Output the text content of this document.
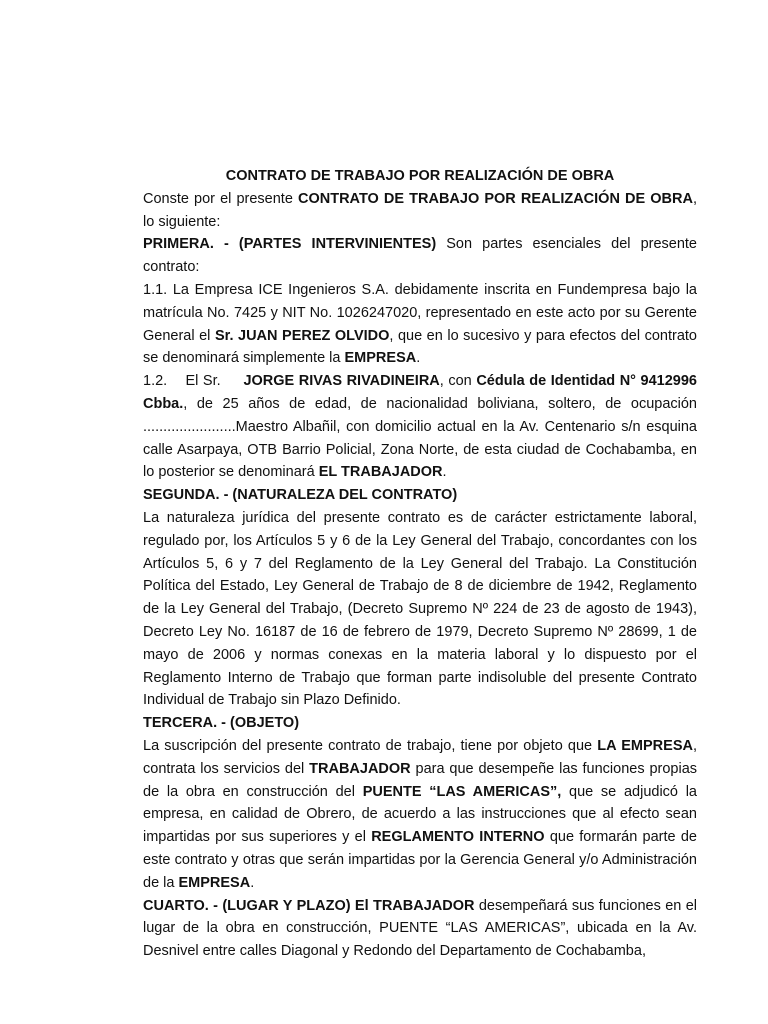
CONTRATO DE TRABAJO POR REALIZACIÓN DE OBRA

Conste por el presente CONTRATO DE TRABAJO POR REALIZACIÓN DE OBRA, lo siguiente:

PRIMERA. - (PARTES INTERVINIENTES) Son partes esenciales del presente contrato:

1.1. La Empresa ICE Ingenieros S.A. debidamente inscrita en Fundempresa bajo la matrícula No. 7425 y NIT No. 1026247020, representado en este acto por su Gerente General el Sr. JUAN PEREZ OLVIDO, que en lo sucesivo y para efectos del contrato se denominará simplemente la EMPRESA.

1.2.    El Sr.     JORGE RIVAS RIVADINEIRA, con Cédula de Identidad N° 9412996 Cbba., de 25 años de edad, de nacionalidad boliviana, soltero, de ocupación .......................Maestro Albañil, con domicilio actual en la Av. Centenario s/n esquina calle Asarpaya, OTB Barrio Policial, Zona Norte, de esta ciudad de Cochabamba, en lo posterior se denominará EL TRABAJADOR.

SEGUNDA. - (NATURALEZA DEL CONTRATO)

La naturaleza jurídica del presente contrato es de carácter estrictamente laboral, regulado por, los Artículos 5 y 6 de la Ley General del Trabajo, concordantes con los Artículos 5, 6 y 7 del Reglamento de la Ley General del Trabajo. La Constitución Política del Estado, Ley General de Trabajo de 8 de diciembre de 1942, Reglamento de la Ley General del Trabajo, (Decreto Supremo Nº 224 de 23 de agosto de 1943), Decreto Ley No. 16187 de 16 de febrero de 1979, Decreto Supremo Nº 28699, 1 de mayo de 2006 y normas conexas en la materia laboral y lo dispuesto por el Reglamento Interno de Trabajo que forman parte indisoluble del presente Contrato Individual de Trabajo sin Plazo Definido.

TERCERA. - (OBJETO)

La suscripción del presente contrato de trabajo, tiene por objeto que LA EMPRESA, contrata los servicios del TRABAJADOR para que desempeñe las funciones propias de la obra en construcción del PUENTE “LAS AMERICAS”, que se adjudicó la empresa, en calidad de Obrero, de acuerdo a las instrucciones que al efecto sean impartidas por sus superiores y el REGLAMENTO INTERNO que formarán parte de este contrato y otras que serán impartidas por la Gerencia General y/o Administración de la EMPRESA.

CUARTO. - (LUGAR Y PLAZO) El TRABAJADOR desempeñará sus funciones en el lugar de la obra en construcción, PUENTE “LAS AMERICAS”, ubicada en la Av. Desnivel entre calles Diagonal y Redondo del Departamento de Cochabamba,
